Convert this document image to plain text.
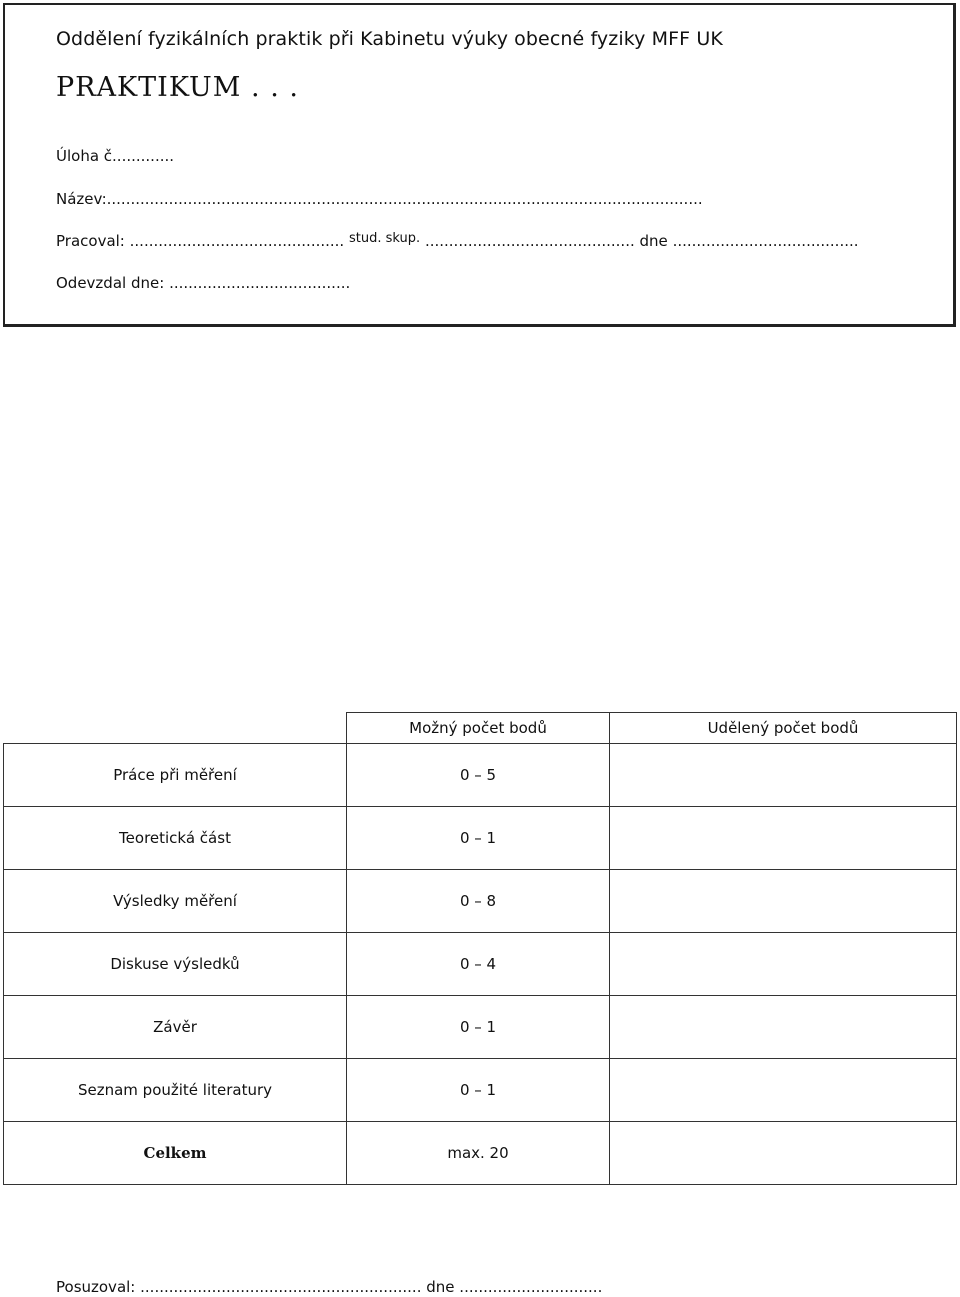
Oddělení fyzikálních praktik při Kabinetu výuky obecné fyziky MFF UK
PRAKTIKUM . . .
Úloha č.............
Název:.............................................................................................................................
Pracoval: ............................................. stud. skup. ............................................ dne .......................................
Odevzdal dne: ......................................
	Možný počet bodů	Udělený počet bodů
Práce při měření	0 – 5	
Teoretická část	0 – 1	
Výsledky měření	0 – 8	
Diskuse výsledků	0 – 4	
Závěr	0 – 1	
Seznam použité literatury	0 – 1	
Celkem	max. 20	
Posuzoval: ........................................................... dne ..............................
